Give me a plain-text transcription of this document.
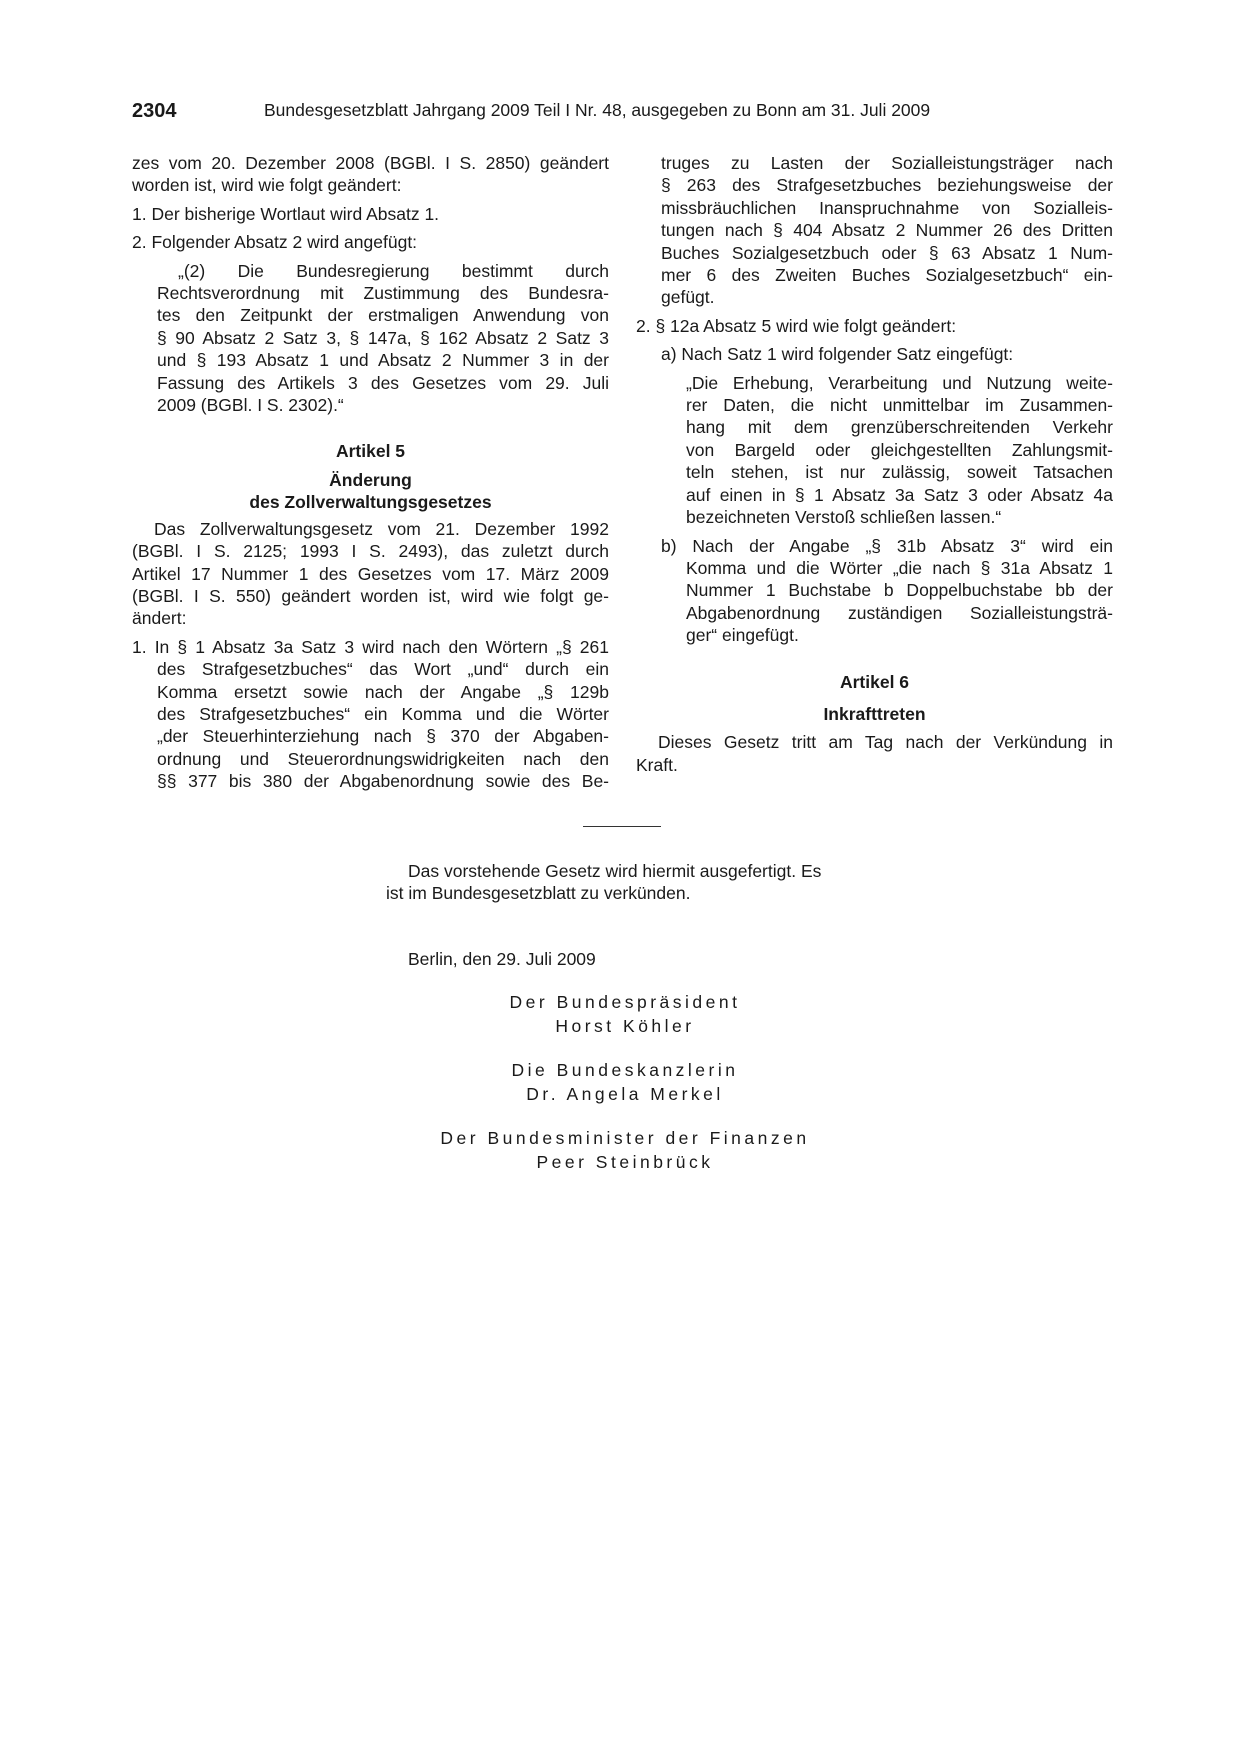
2304	Bundesgesetzblatt Jahrgang 2009 Teil I Nr. 48, ausgegeben zu Bonn am 31. Juli 2009

zes vom 20. Dezember 2008 (BGBl. I S. 2850) geändert

worden ist, wird wie folgt geändert:

1. Der bisherige Wortlaut wird Absatz 1.

2. Folgender Absatz 2 wird angefügt:

„(2) Die Bundesregierung bestimmt durch

Rechtsverordnung mit Zustimmung des Bundesra-

tes den Zeitpunkt der erstmaligen Anwendung von

§ 90 Absatz 2 Satz 3, § 147a, § 162 Absatz 2 Satz 3

und § 193 Absatz 1 und Absatz 2 Nummer 3 in der

Fassung des Artikels 3 des Gesetzes vom 29. Juli

2009 (BGBl. I S. 2302).“

Artikel 5

Änderung

des Zollverwaltungsgesetzes

Das Zollverwaltungsgesetz vom 21. Dezember 1992

(BGBl. I S. 2125; 1993 I S. 2493), das zuletzt durch

Artikel 17 Nummer 1 des Gesetzes vom 17. März 2009

(BGBl. I S. 550) geändert worden ist, wird wie folgt ge-

ändert:

1. In § 1 Absatz 3a Satz 3 wird nach den Wörtern „§ 261

des Strafgesetzbuches“ das Wort „und“ durch ein

Komma ersetzt sowie nach der Angabe „§ 129b

des Strafgesetzbuches“ ein Komma und die Wörter

„der Steuerhinterziehung nach § 370 der Abgaben-

ordnung und Steuerordnungswidrigkeiten nach den

§§ 377 bis 380 der Abgabenordnung sowie des Be-

truges zu Lasten der Sozialleistungsträger nach

§ 263 des Strafgesetzbuches beziehungsweise der

missbräuchlichen Inanspruchnahme von Sozialleis-

tungen nach § 404 Absatz 2 Nummer 26 des Dritten

Buches Sozialgesetzbuch oder § 63 Absatz 1 Num-

mer 6 des Zweiten Buches Sozialgesetzbuch“ ein-

gefügt.

2. § 12a Absatz 5 wird wie folgt geändert:

a) Nach Satz 1 wird folgender Satz eingefügt:

„Die Erhebung, Verarbeitung und Nutzung weite-

rer Daten, die nicht unmittelbar im Zusammen-

hang mit dem grenzüberschreitenden Verkehr

von Bargeld oder gleichgestellten Zahlungsmit-

teln stehen, ist nur zulässig, soweit Tatsachen

auf einen in § 1 Absatz 3a Satz 3 oder Absatz 4a

bezeichneten Verstoß schließen lassen.“

b) Nach der Angabe „§ 31b Absatz 3“ wird ein

Komma und die Wörter „die nach § 31a Absatz 1

Nummer 1 Buchstabe b Doppelbuchstabe bb der

Abgabenordnung zuständigen Sozialleistungsträ-

ger“ eingefügt.

Artikel 6

Inkrafttreten

Dieses Gesetz tritt am Tag nach der Verkündung in

Kraft.

Das vorstehende Gesetz wird hiermit ausgefertigt. Es

ist im Bundesgesetzblatt zu verkünden.

Berlin, den 29. Juli 2009

Der Bundespräsident

Horst Köhler

Die Bundeskanzlerin

Dr. Angela Merkel

Der Bundesminister der Finanzen

Peer Steinbrück
